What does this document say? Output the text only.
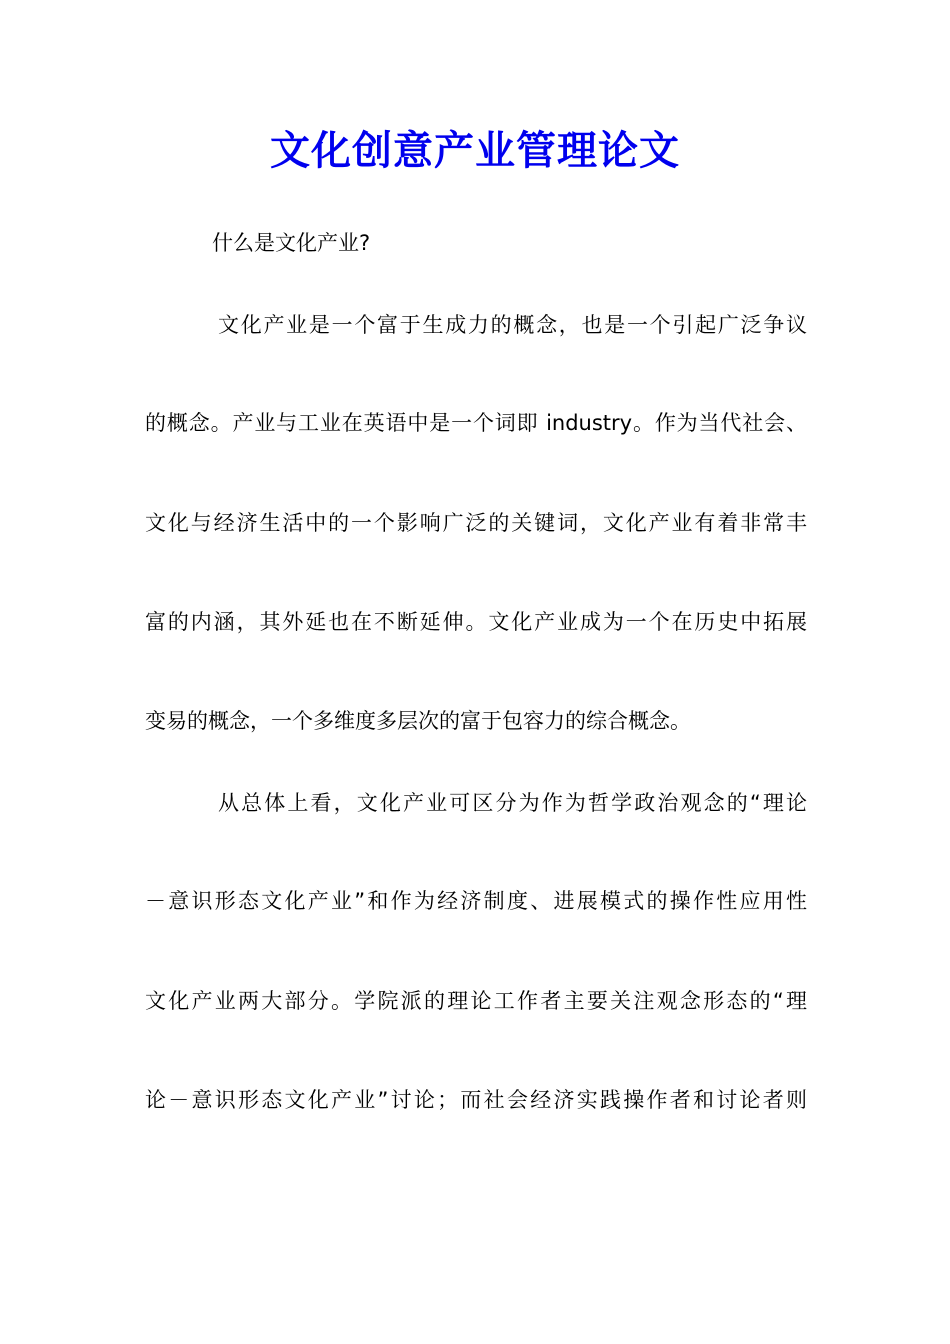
文化创意产业管理论文
什么是文化产业?
文化产业是一个富于生成力的概念，也是一个引起广泛争议
的概念。产业与工业在英语中是一个词即 industry。作为当代社会、
文化与经济生活中的一个影响广泛的关键词，文化产业有着非常丰
富的内涵，其外延也在不断延伸。文化产业成为一个在历史中拓展
变易的概念，一个多维度多层次的富于包容力的综合概念。
从总体上看，文化产业可区分为作为哲学政治观念的“理论
－意识形态文化产业”和作为经济制度、进展模式的操作性应用性
文化产业两大部分。学院派的理论工作者主要关注观念形态的“理
论－意识形态文化产业”讨论；而社会经济实践操作者和讨论者则
